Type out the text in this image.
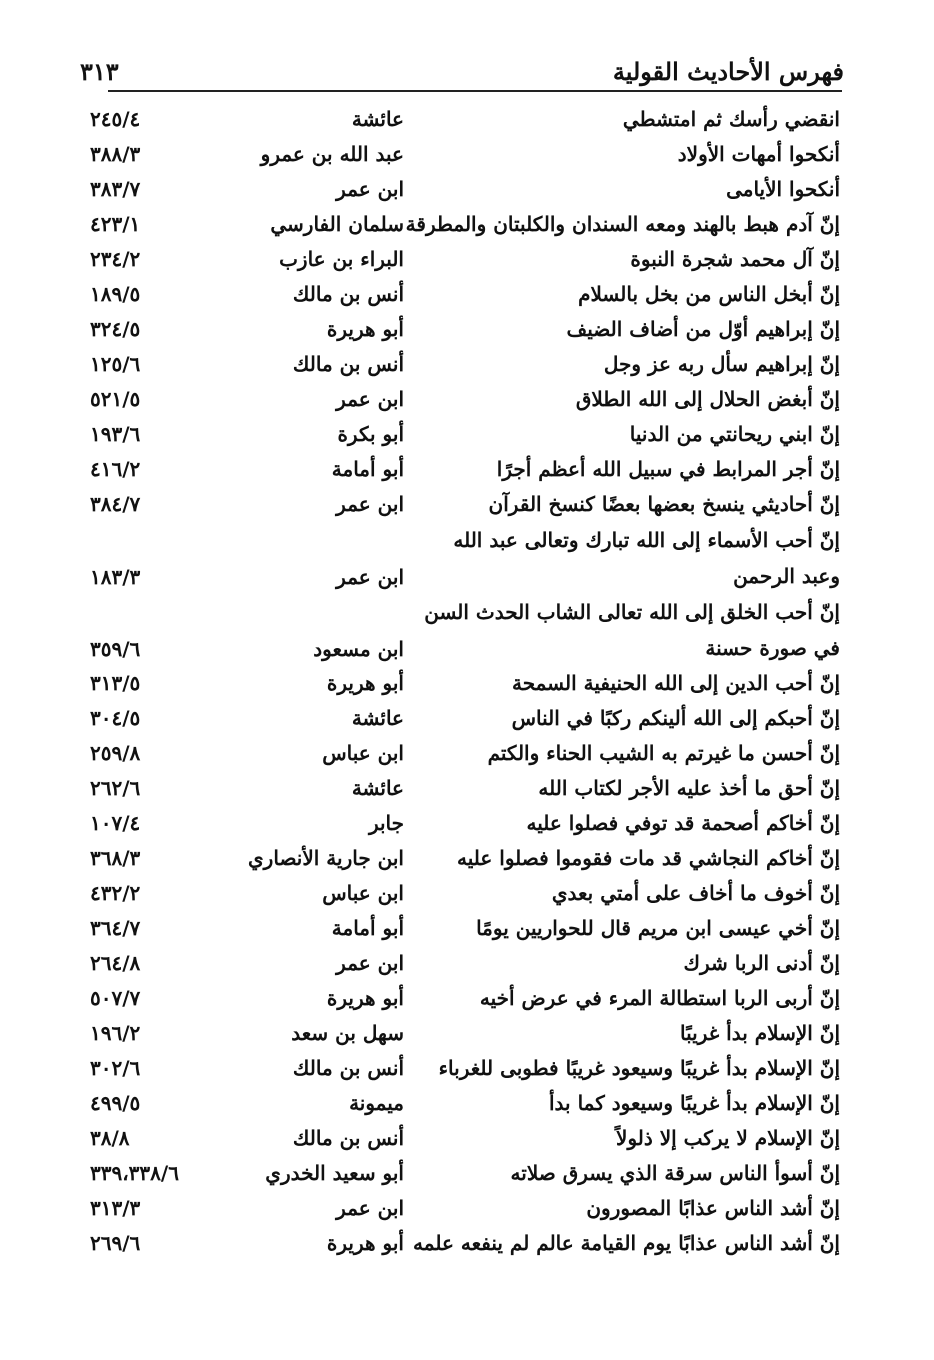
فهرس الأحاديث القولية
٣١٣
انقضي رأسك ثم امتشطي
عائشة
٢٤٥/٤
أنكحوا أمهات الأولاد
عبد الله بن عمرو
٣٨٨/٣
أنكحوا الأيامى
ابن عمر
٣٨٣/٧
إنّ آدم هبط بالهند ومعه السندان والكلبتان والمطرقة
سلمان الفارسي
٤٢٣/١
إنّ آل محمد شجرة النبوة
البراء بن عازب
٢٣٤/٢
إنّ أبخل الناس من بخل بالسلام
أنس بن مالك
١٨٩/٥
إنّ إبراهيم أوّل من أضاف الضيف
أبو هريرة
٣٢٤/٥
إنّ إبراهيم سأل ربه عز وجل
أنس بن مالك
١٢٥/٦
إنّ أبغض الحلال إلى الله الطلاق
ابن عمر
٥٢١/٥
إنّ ابني ريحانتي من الدنيا
أبو بكرة
١٩٣/٦
إنّ أجر المرابط في سبيل الله أعظم أجرًا
أبو أمامة
٤١٦/٢
إنّ أحاديثي ينسخ بعضها بعضًا كنسخ القرآن
ابن عمر
٣٨٤/٧
إنّ أحب الأسماء إلى الله تبارك وتعالى عبد الله وعبد الرحمن
ابن عمر
١٨٣/٣
إنّ أحب الخلق إلى الله تعالى الشاب الحدث السن في صورة حسنة
ابن مسعود
٣٥٩/٦
إنّ أحب الدين إلى الله الحنيفية السمحة
أبو هريرة
٣١٣/٥
إنّ أحبكم إلى الله ألينكم ركبًا في الناس
عائشة
٣٠٤/٥
إنّ أحسن ما غيرتم به الشيب الحناء والكتم
ابن عباس
٢٥٩/٨
إنّ أحق ما أخذ عليه الأجر لكتاب الله
عائشة
٢٦٢/٦
إنّ أخاكم أصحمة قد توفي فصلوا عليه
جابر
١٠٧/٤
إنّ أخاكم النجاشي قد مات فقوموا فصلوا عليه
ابن جارية الأنصاري
٣٦٨/٣
إنّ أخوف ما أخاف على أمتي بعدي
ابن عباس
٤٣٢/٢
إنّ أخي عيسى ابن مريم قال للحواريين يومًا
أبو أمامة
٣٦٤/٧
إنّ أدنى الربا شرك
ابن عمر
٢٦٤/٨
إنّ أربى الربا استطالة المرء في عرض أخيه
أبو هريرة
٥٠٧/٧
إنّ الإسلام بدأ غريبًا
سهل بن سعد
١٩٦/٢
إنّ الإسلام بدأ غريبًا وسيعود غريبًا فطوبى للغرباء
أنس بن مالك
٣٠٢/٦
إنّ الإسلام بدأ غريبًا وسيعود كما بدأ
ميمونة
٤٩٩/٥
إنّ الإسلام لا يركب إلا ذلولاً
أنس بن مالك
٣٨/٨
إنّ أسوأ الناس سرقة الذي يسرق صلاته
أبو سعيد الخدري
٣٣٩،٣٣٨/٦
إنّ أشد الناس عذابًا المصورون
ابن عمر
٣١٣/٣
إنّ أشد الناس عذابًا يوم القيامة عالم لم ينفعه علمه
أبو هريرة
٢٦٩/٦
